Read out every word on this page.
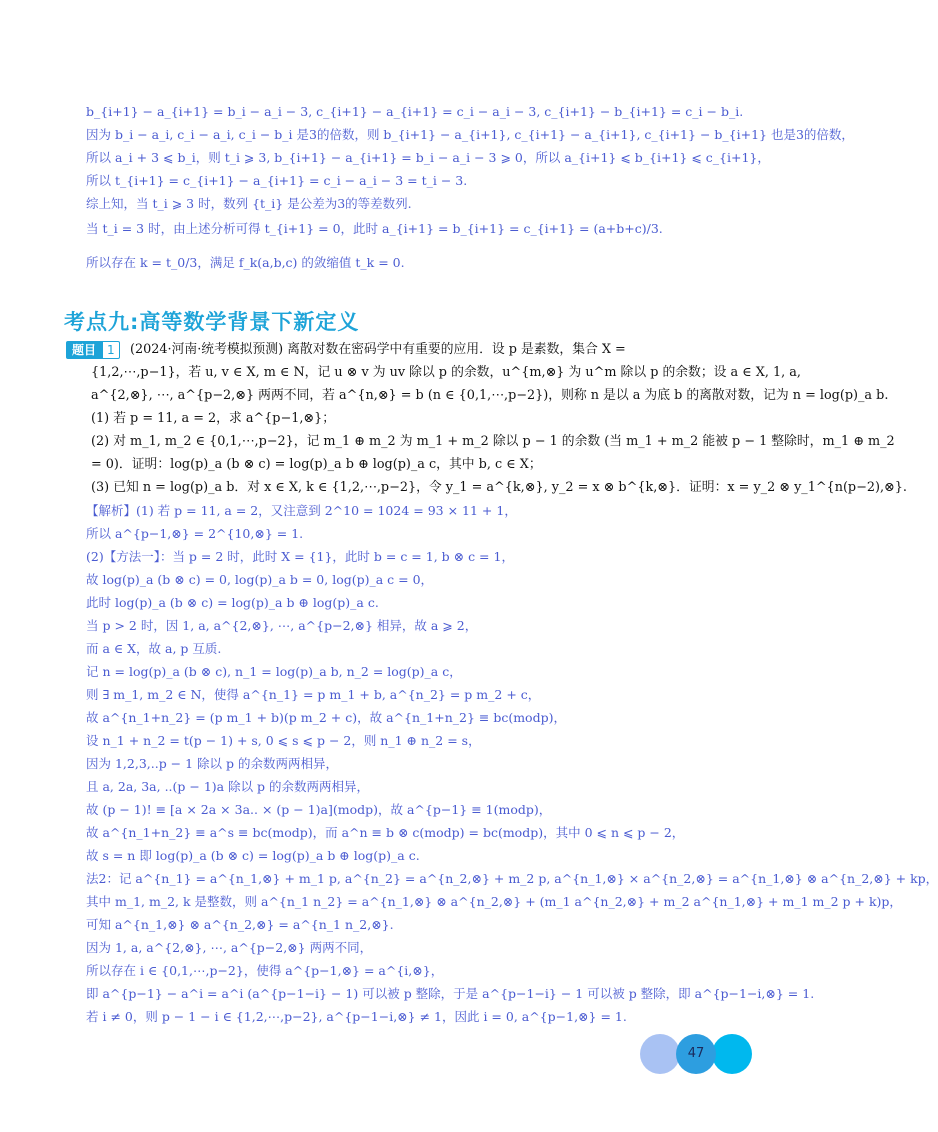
b_{i+1} − a_{i+1} = b_i − a_i − 3, c_{i+1} − a_{i+1} = c_i − a_i − 3, c_{i+1} − b_{i+1} = c_i − b_i.
因为 b_i − a_i, c_i − a_i, c_i − b_i 是3的倍数，则 b_{i+1} − a_{i+1}, c_{i+1} − a_{i+1}, c_{i+1} − b_{i+1} 也是3的倍数，
所以 a_i + 3 ⩽ b_i，则 t_i ⩾ 3, b_{i+1} − a_{i+1} = b_i − a_i − 3 ⩾ 0，所以 a_{i+1} ⩽ b_{i+1} ⩽ c_{i+1}，
所以 t_{i+1} = c_{i+1} − a_{i+1} = c_i − a_i − 3 = t_i − 3.
综上知，当 t_i ⩾ 3 时，数列 {t_i} 是公差为3的等差数列.
当 t_i = 3 时，由上述分析可得 t_{i+1} = 0，此时 a_{i+1} = b_{i+1} = c_{i+1} = (a+b+c)/3.
所以存在 k = t_0/3，满足 f_k(a,b,c) 的敛缩值 t_k = 0.
考点九:高等数学背景下新定义
题目 1	(2024·河南·统考模拟预测) 离散对数在密码学中有重要的应用．设 p 是素数，集合 X =
{1,2,⋯,p−1}，若 u, v ∈ X, m ∈ N，记 u ⊗ v 为 uv 除以 p 的余数，u^{m,⊗} 为 u^m 除以 p 的余数；设 a ∈ X, 1, a,
a^{2,⊗}, ⋯, a^{p−2,⊗} 两两不同，若 a^{n,⊗} = b (n ∈ {0,1,⋯,p−2})，则称 n 是以 a 为底 b 的离散对数，记为 n = log(p)_a b.
(1) 若 p = 11, a = 2，求 a^{p−1,⊗}；
(2) 对 m_1, m_2 ∈ {0,1,⋯,p−2}，记 m_1 ⊕ m_2 为 m_1 + m_2 除以 p − 1 的余数 (当 m_1 + m_2 能被 p − 1 整除时，m_1 ⊕ m_2
= 0)．证明：log(p)_a (b ⊗ c) = log(p)_a b ⊕ log(p)_a c，其中 b, c ∈ X；
(3) 已知 n = log(p)_a b．对 x ∈ X, k ∈ {1,2,⋯,p−2}，令 y_1 = a^{k,⊗}, y_2 = x ⊗ b^{k,⊗}．证明：x = y_2 ⊗ y_1^{n(p−2),⊗}.
【解析】(1) 若 p = 11, a = 2，又注意到 2^10 = 1024 = 93 × 11 + 1，
所以 a^{p−1,⊗} = 2^{10,⊗} = 1.
(2)【方法一】：当 p = 2 时，此时 X = {1}，此时 b = c = 1, b ⊗ c = 1，
故 log(p)_a (b ⊗ c) = 0, log(p)_a b = 0, log(p)_a c = 0，
此时 log(p)_a (b ⊗ c) = log(p)_a b ⊕ log(p)_a c.
当 p > 2 时，因 1, a, a^{2,⊗}, ⋯, a^{p−2,⊗} 相异，故 a ⩾ 2，
而 a ∈ X，故 a, p 互质.
记 n = log(p)_a (b ⊗ c), n_1 = log(p)_a b, n_2 = log(p)_a c，
则 ∃ m_1, m_2 ∈ N，使得 a^{n_1} = p m_1 + b, a^{n_2} = p m_2 + c，
故 a^{n_1+n_2} = (p m_1 + b)(p m_2 + c)，故 a^{n_1+n_2} ≡ bc(modp)，
设 n_1 + n_2 = t(p − 1) + s, 0 ⩽ s ⩽ p − 2，则 n_1 ⊕ n_2 = s，
因为 1,2,3,..p − 1 除以 p 的余数两两相异，
且 a, 2a, 3a, ..(p − 1)a 除以 p 的余数两两相异，
故 (p − 1)! ≡ [a × 2a × 3a.. × (p − 1)a](modp)，故 a^{p−1} ≡ 1(modp)，
故 a^{n_1+n_2} ≡ a^s ≡ bc(modp)，而 a^n ≡ b ⊗ c(modp) = bc(modp)，其中 0 ⩽ n ⩽ p − 2，
故 s = n 即 log(p)_a (b ⊗ c) = log(p)_a b ⊕ log(p)_a c.
法2：记 a^{n_1} = a^{n_1,⊗} + m_1 p, a^{n_2} = a^{n_2,⊗} + m_2 p, a^{n_1,⊗} × a^{n_2,⊗} = a^{n_1,⊗} ⊗ a^{n_2,⊗} + kp，
其中 m_1, m_2, k 是整数，则 a^{n_1 n_2} = a^{n_1,⊗} ⊗ a^{n_2,⊗} + (m_1 a^{n_2,⊗} + m_2 a^{n_1,⊗} + m_1 m_2 p + k)p，
可知 a^{n_1,⊗} ⊗ a^{n_2,⊗} = a^{n_1 n_2,⊗}.
因为 1, a, a^{2,⊗}, ⋯, a^{p−2,⊗} 两两不同，
所以存在 i ∈ {0,1,⋯,p−2}，使得 a^{p−1,⊗} = a^{i,⊗}，
即 a^{p−1} − a^i = a^i (a^{p−1−i} − 1) 可以被 p 整除，于是 a^{p−1−i} − 1 可以被 p 整除，即 a^{p−1−i,⊗} = 1.
若 i ≠ 0，则 p − 1 − i ∈ {1,2,⋯,p−2}, a^{p−1−i,⊗} ≠ 1，因此 i = 0, a^{p−1,⊗} = 1.
47
